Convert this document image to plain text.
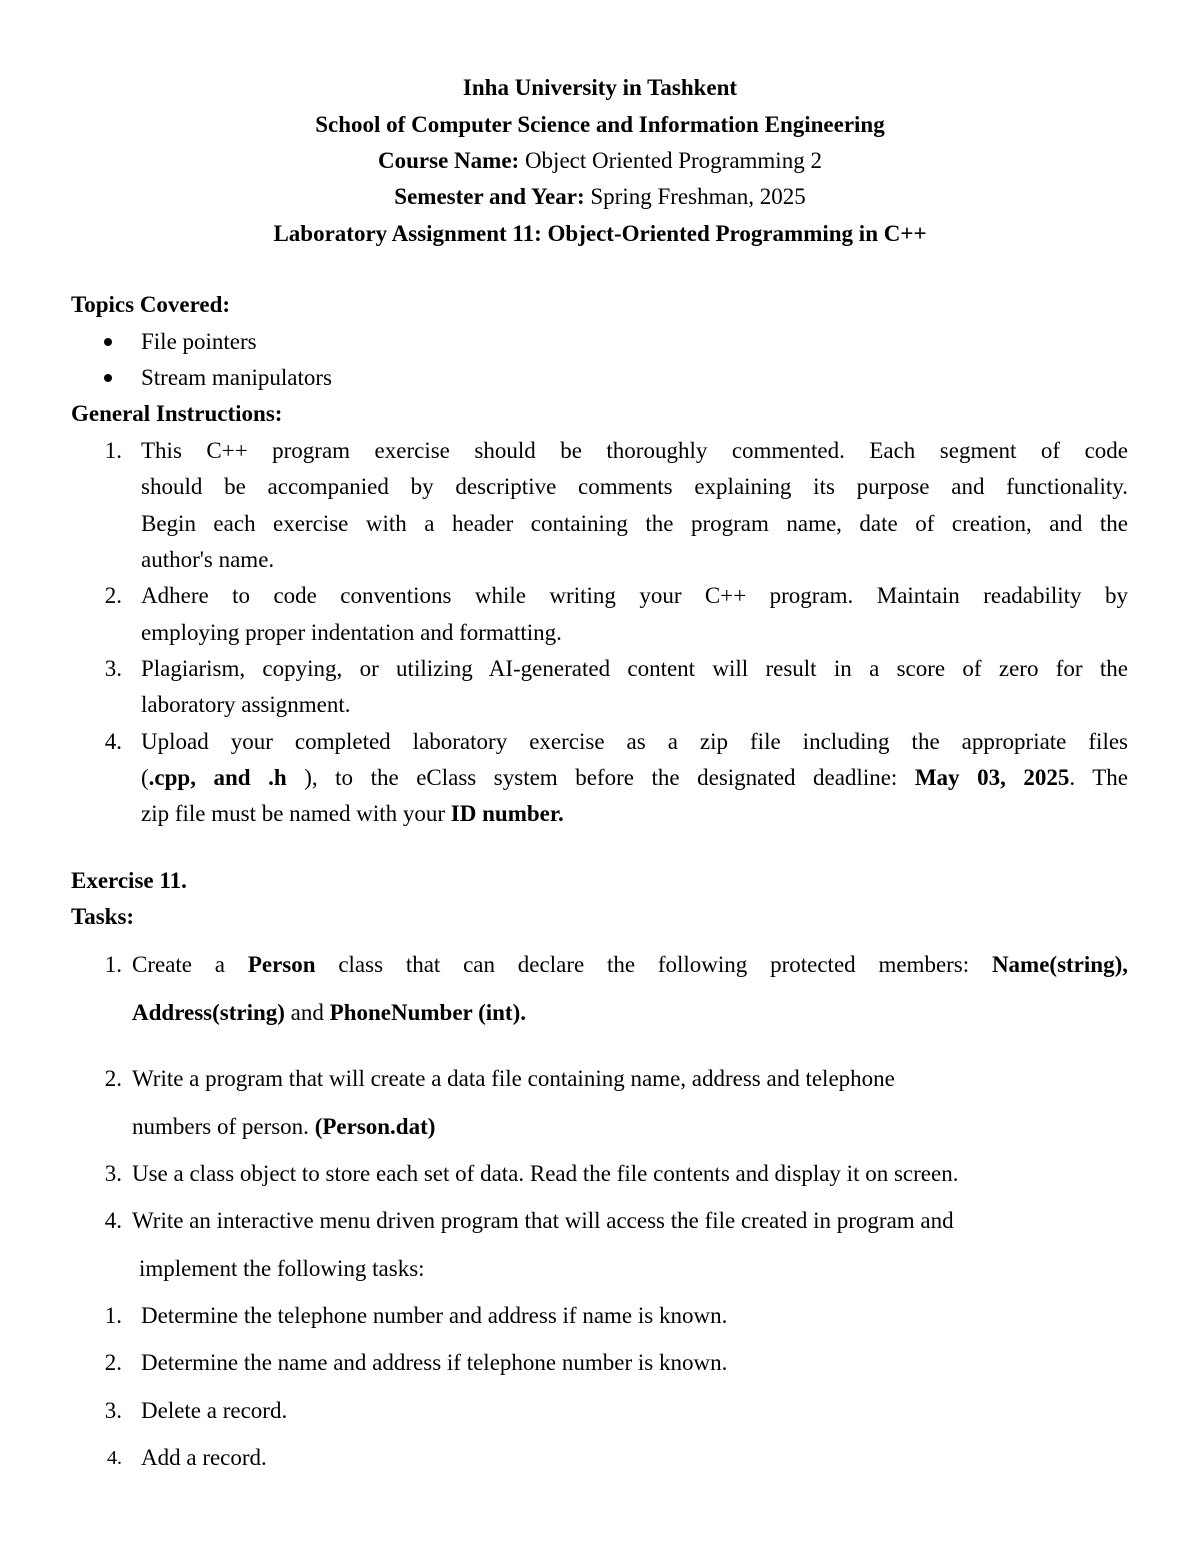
Inha University in Tashkent
School of Computer Science and Information Engineering
Course Name: Object Oriented Programming 2
Semester and Year: Spring Freshman, 2025
Laboratory Assignment 11: Object-Oriented Programming in C++
Topics Covered:
File pointers
Stream manipulators
General Instructions:
1. This C++ program exercise should be thoroughly commented. Each segment of code
should be accompanied by descriptive comments explaining its purpose and functionality.
Begin each exercise with a header containing the program name, date of creation, and the
author's name.
2. Adhere to code conventions while writing your C++ program. Maintain readability by
employing proper indentation and formatting.
3. Plagiarism, copying, or utilizing AI-generated content will result in a score of zero for the
laboratory assignment.
4. Upload your completed laboratory exercise as a zip file including the appropriate files
(.cpp, and .h ), to the eClass system before the designated deadline: May 03, 2025. The
zip file must be named with your ID number.
Exercise 11.
Tasks:
1. Create a Person class that can declare the following protected members: Name(string),
Address(string) and PhoneNumber (int).
2. Write a program that will create a data file containing name, address and telephone
numbers of person. (Person.dat)
3. Use a class object to store each set of data. Read the file contents and display it on screen.
4. Write an interactive menu driven program that will access the file created in program and
implement the following tasks:
1. Determine the telephone number and address if name is known.
2. Determine the name and address if telephone number is known.
3. Delete a record.
4. Add a record.
